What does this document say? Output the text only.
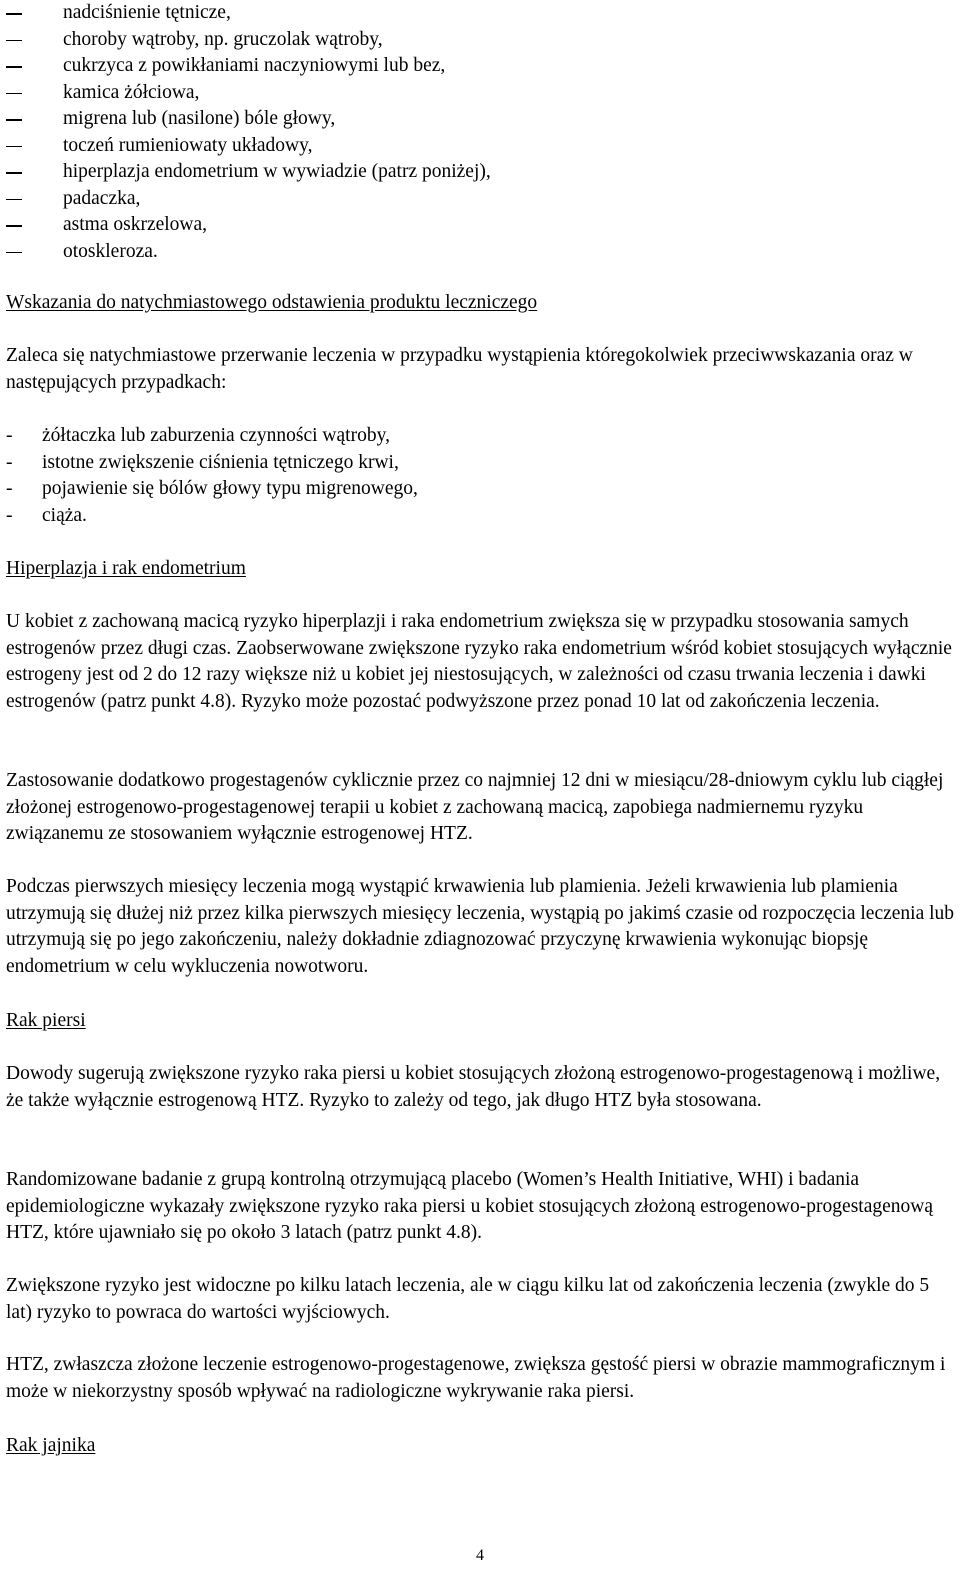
nadciśnienie tętnicze,
choroby wątroby, np. gruczolak wątroby,
cukrzyca z powikłaniami naczyniowymi lub bez,
kamica żółciowa,
migrena lub (nasilone) bóle głowy,
toczeń rumieniowaty układowy,
hiperplazja endometrium w wywiadzie (patrz poniżej),
padaczka,
astma oskrzelowa,
otoskleroza.

Wskazania do natychmiastowego odstawienia produktu leczniczego

Zaleca się natychmiastowe przerwanie leczenia w przypadku wystąpienia któregokolwiek przeciwwskazania oraz w następujących przypadkach:

- żółtaczka lub zaburzenia czynności wątroby,
- istotne zwiększenie ciśnienia tętniczego krwi,
- pojawienie się bólów głowy typu migrenowego,
- ciąża.

Hiperplazja i rak endometrium

U kobiet z zachowaną macicą ryzyko hiperplazji i raka endometrium zwiększa się w przypadku stosowania samych estrogenów przez długi czas. Zaobserwowane zwiększone ryzyko raka endometrium wśród kobiet stosujących wyłącznie estrogeny jest od 2 do 12 razy większe niż u kobiet jej niestosujących, w zależności od czasu trwania leczenia i dawki estrogenów (patrz punkt 4.8). Ryzyko może pozostać podwyższone przez ponad 10 lat od zakończenia leczenia.

Zastosowanie dodatkowo progestagenów cyklicznie przez co najmniej 12 dni w miesiącu/28-dniowym cyklu lub ciągłej złożonej estrogenowo-progestagenowej terapii u kobiet z zachowaną macicą, zapobiega nadmiernemu ryzyku związanemu ze stosowaniem wyłącznie estrogenowej HTZ.

Podczas pierwszych miesięcy leczenia mogą wystąpić krwawienia lub plamienia. Jeżeli krwawienia lub plamienia utrzymują się dłużej niż przez kilka pierwszych miesięcy leczenia, wystąpią po jakimś czasie od rozpoczęcia leczenia lub utrzymują się po jego zakończeniu, należy dokładnie zdiagnozować przyczynę krwawienia wykonując biopsję endometrium w celu wykluczenia nowotworu.

Rak piersi

Dowody sugerują zwiększone ryzyko raka piersi u kobiet stosujących złożoną estrogenowo-progestagenową i możliwe, że także wyłącznie estrogenową HTZ. Ryzyko to zależy od tego, jak długo HTZ była stosowana.

Randomizowane badanie z grupą kontrolną otrzymującą placebo (Women’s Health Initiative, WHI) i badania epidemiologiczne wykazały zwiększone ryzyko raka piersi u kobiet stosujących złożoną estrogenowo-progestagenową HTZ, które ujawniało się po około 3 latach (patrz punkt 4.8).

Zwiększone ryzyko jest widoczne po kilku latach leczenia, ale w ciągu kilku lat od zakończenia leczenia (zwykle do 5 lat) ryzyko to powraca do wartości wyjściowych.

HTZ, zwłaszcza złożone leczenie estrogenowo-progestagenowe, zwiększa gęstość piersi w obrazie mammograficznym i może w niekorzystny sposób wpływać na radiologiczne wykrywanie raka piersi.

Rak jajnika

4
